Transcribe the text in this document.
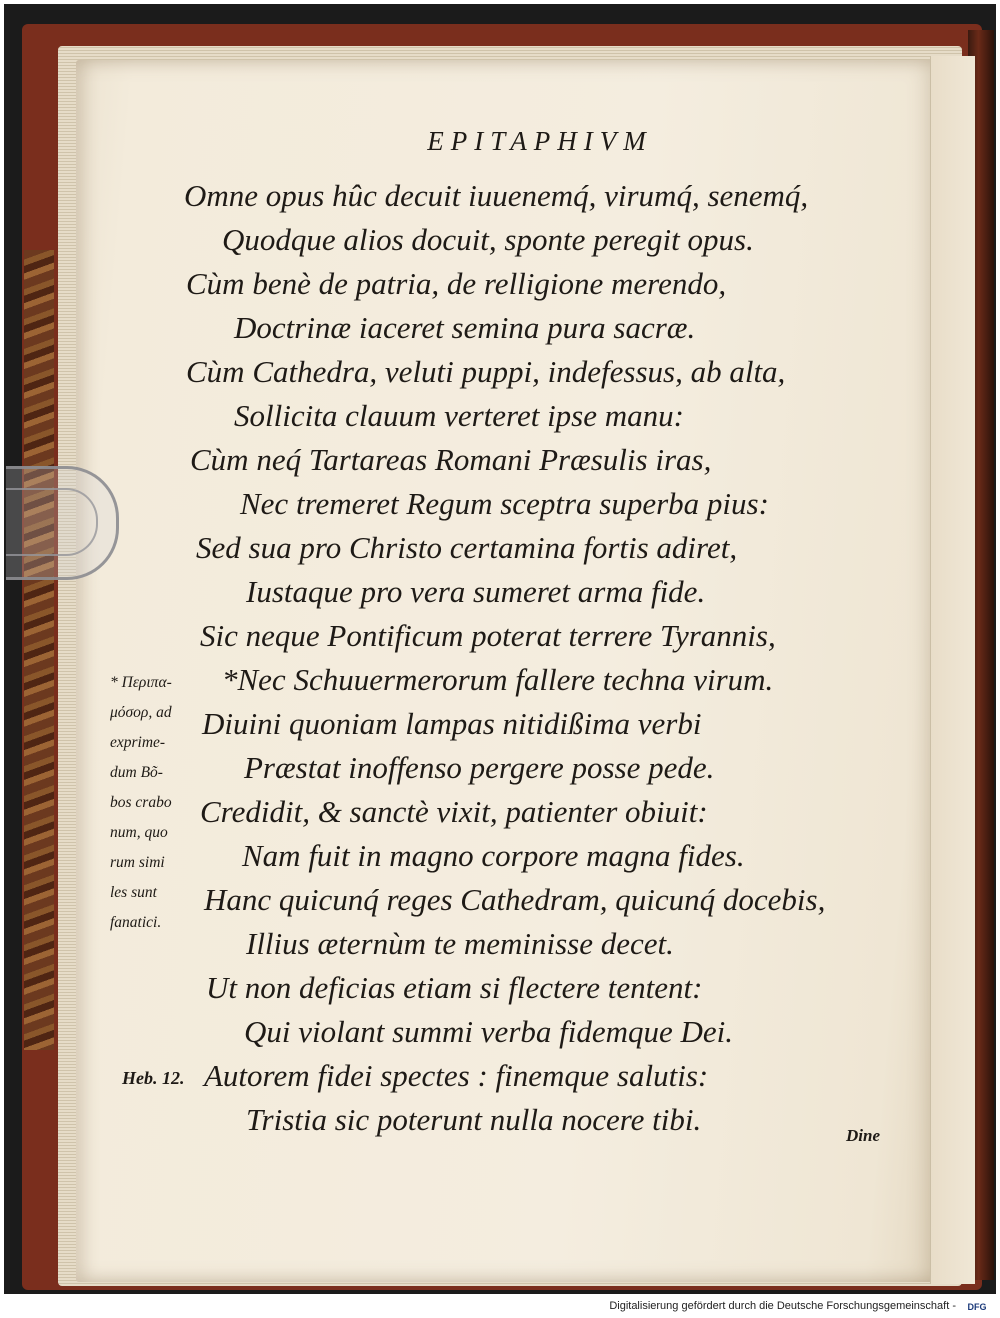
EPITAPHIVM
Omne opus hûc decuit iuuenemq́, virumq́, senemq́,
Quodque alios docuit, sponte peregit opus.
Cùm benè de patria, de relligione merendo,
Doctrinæ iaceret semina pura sacræ.
Cùm Cathedra, veluti puppi, indefessus, ab alta,
Sollicita clauum verteret ipse manu:
Cùm neq́ Tartareas Romani Præsulis iras,
Nec tremeret Regum sceptra superba pius:
Sed sua pro Christo certamina fortis adiret,
Iustaque pro vera sumeret arma fide.
Sic neque Pontificum poterat terrere Tyrannis,
*Nec Schuuermerorum fallere techna virum.
Diuini quoniam lampas nitidißima verbi
Præstat inoffenso pergere posse pede.
Credidit, & sanctè vixit, patienter obiuit:
Nam fuit in magno corpore magna fides.
Hanc quicunq́ reges Cathedram, quicunq́ docebis,
Illius æternùm te meminisse decet.
Ut non deficias etiam si flectere tentent:
Qui violant summi verba fidemque Dei.
Autorem fidei spectes : finemque salutis:
Tristia sic poterunt nulla nocere tibi.
* Περιπα-
μόσορ, ad
exprime-
dum Bõ-
bos crabo
num, quo
rum simi
les sunt
fanatici.
Heb. 12.
Dine
Digitalisierung gefördert durch die Deutsche Forschungsgemeinschaft -	DFG
